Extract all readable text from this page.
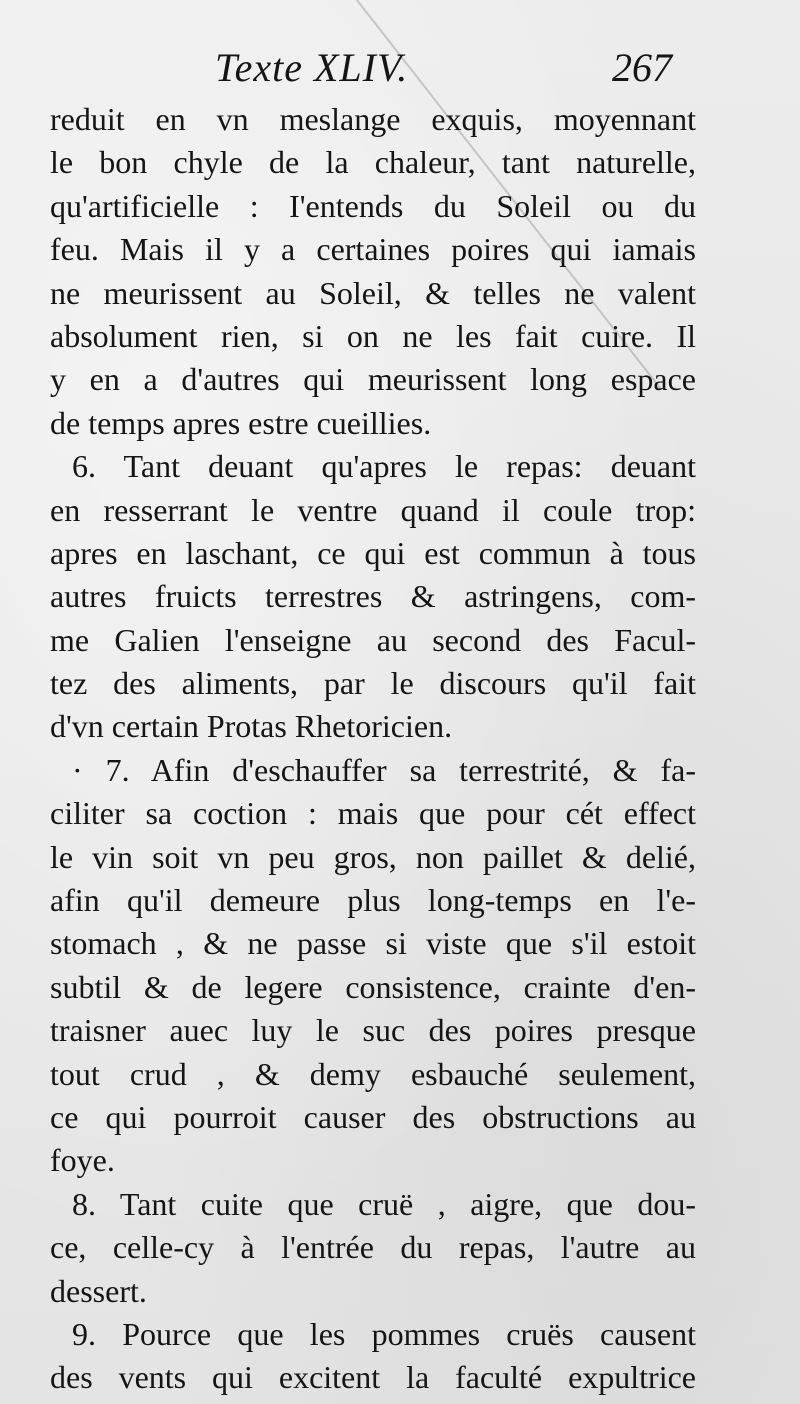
Texte XLIV.	267
reduit en vn meslange exquis, moyennant
le bon chyle de la chaleur, tant naturelle,
qu'artificielle : I'entends du Soleil ou du
feu. Mais il y a certaines poires qui iamais
ne meurissent au Soleil, & telles ne valent
absolument rien, si on ne les fait cuire. Il
y en a d'autres qui meurissent long espace
de temps apres estre cueillies.
6. Tant deuant qu'apres le repas: deuant
en resserrant le ventre quand il coule trop:
apres en laschant, ce qui est commun à tous
autres fruicts terrestres & astringens, com-
me Galien l'enseigne au second des Facul-
tez des aliments, par le discours qu'il fait
d'vn certain Protas Rhetoricien.
· 7. Afin d'eschauffer sa terrestrité, & fa-
ciliter sa coction : mais que pour cét effect
le vin soit vn peu gros, non paillet & delié,
afin qu'il demeure plus long-temps en l'e-
stomach , & ne passe si viste que s'il estoit
subtil & de legere consistence, crainte d'en-
traisner auec luy le suc des poires presque
tout crud , & demy esbauché seulement,
ce qui pourroit causer des obstructions au
foye.
8. Tant cuite que cruë , aigre, que dou-
ce, celle-cy à l'entrée du repas, l'autre au
dessert.
9. Pource que les pommes cruës causent
des vents qui excitent la faculté expultrice
